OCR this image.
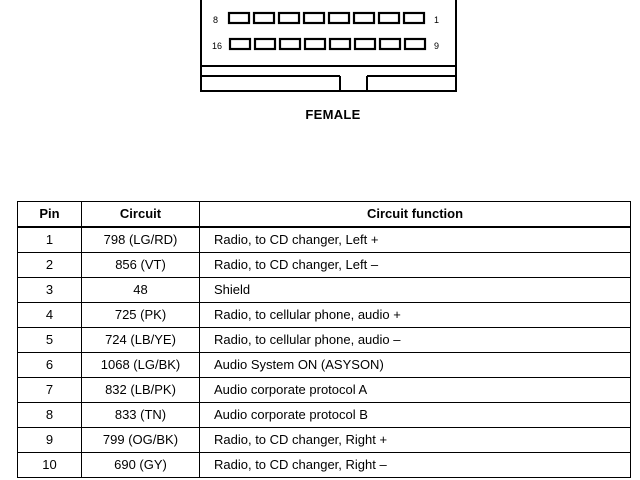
8	1
16	9
FEMALE
Pin	Circuit	Circuit function
1	798 (LG/RD)	Radio, to CD changer, Left +
2	856 (VT)	Radio, to CD changer, Left –
3	48	Shield
4	725 (PK)	Radio, to cellular phone, audio +
5	724 (LB/YE)	Radio, to cellular phone, audio –
6	1068 (LG/BK)	Audio System ON (ASYSON)
7	832 (LB/PK)	Audio corporate protocol A
8	833 (TN)	Audio corporate protocol B
9	799 (OG/BK)	Radio, to CD changer, Right +
10	690 (GY)	Radio, to CD changer, Right –
